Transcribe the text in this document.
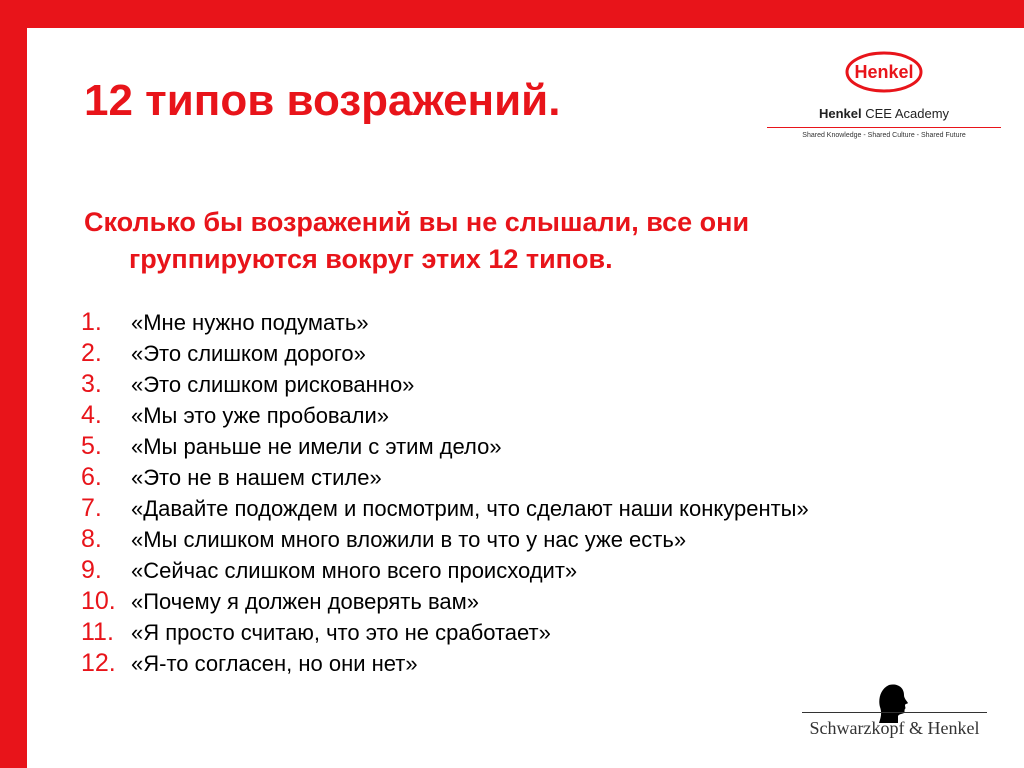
12 типов возражений.
Henkel
Henkel CEE Academy
Shared Knowledge - Shared Culture - Shared Future
Сколько бы возражений вы не слышали, все они
группируются вокруг этих 12 типов.
1.	«Мне нужно подумать»
2.	«Это слишком дорого»
3.	«Это слишком рискованно»
4.	«Мы это уже пробовали»
5.	«Мы раньше не имели с этим дело»
6.	«Это не в нашем стиле»
7.	«Давайте подождем и посмотрим, что сделают наши конкуренты»
8.	«Мы слишком много вложили в то что у нас уже есть»
9.	«Сейчас слишком много всего происходит»
10. «Почему я должен доверять вам»
11. «Я просто считаю, что это не сработает»
12. «Я-то согласен, но они нет»
Schwarzkopf & Henkel
